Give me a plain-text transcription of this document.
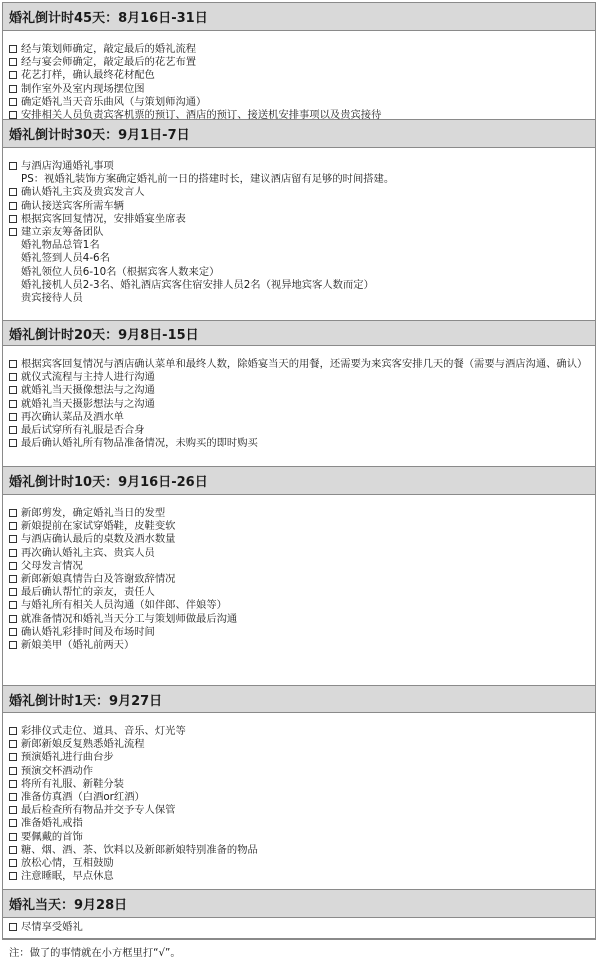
婚礼倒计时45天：8月16日-31日
经与策划师确定，敲定最后的婚礼流程
经与宴会师确定，敲定最后的花艺布置
花艺打样，确认最终花材配色
制作室外及室内现场摆位图
确定婚礼当天音乐曲风（与策划师沟通）
安排相关人员负责宾客机票的预订、酒店的预订、接送机安排事项以及贵宾接待
婚礼倒计时30天：9月1日-7日
与酒店沟通婚礼事项
PS：视婚礼装饰方案确定婚礼前一日的搭建时长，建议酒店留有足够的时间搭建。
确认婚礼主宾及贵宾发言人
确认接送宾客所需车辆
根据宾客回复情况，安排婚宴坐席表
建立亲友筹备团队
婚礼物品总管1名
婚礼签到人员4-6名
婚礼领位人员6-10名（根据宾客人数来定）
婚礼接机人员2-3名、婚礼酒店宾客住宿安排人员2名（视异地宾客人数而定）
贵宾接待人员
婚礼倒计时20天：9月8日-15日
根据宾客回复情况与酒店确认菜单和最终人数，除婚宴当天的用餐，还需要为来宾客安排几天的餐（需要与酒店沟通、确认）
就仪式流程与主持人进行沟通
就婚礼当天摄像想法与之沟通
就婚礼当天摄影想法与之沟通
再次确认菜品及酒水单
最后试穿所有礼服是否合身
最后确认婚礼所有物品准备情况，未购买的即时购买
婚礼倒计时10天：9月16日-26日
新郎剪发，确定婚礼当日的发型
新娘提前在家试穿婚鞋，皮鞋变软
与酒店确认最后的桌数及酒水数量
再次确认婚礼主宾、贵宾人员
父母发言情况
新郎新娘真情告白及答谢致辞情况
最后确认帮忙的亲友，责任人
与婚礼所有相关人员沟通（如伴郎、伴娘等）
就准备情况和婚礼当天分工与策划师做最后沟通
确认婚礼彩排时间及布场时间
新娘美甲（婚礼前两天）
婚礼倒计时1天：9月27日
彩排仪式走位、道具、音乐、灯光等
新郎新娘反复熟悉婚礼流程
预演婚礼进行曲台步
预演交杯酒动作
将所有礼服、新鞋分装
准备仿真酒（白酒or红酒）
最后检查所有物品并交予专人保管
准备婚礼戒指
要佩戴的首饰
糖、烟、酒、茶、饮料以及新郎新娘特别准备的物品
放松心情，互相鼓励
注意睡眠，早点休息
婚礼当天：9月28日
尽情享受婚礼
注：做了的事情就在小方框里打“√”。
